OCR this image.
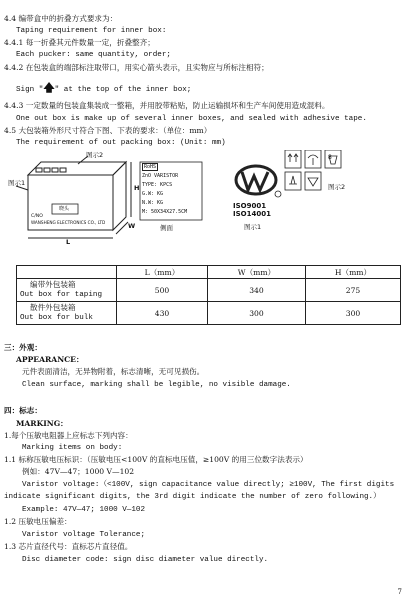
4.4 编带盒中的折叠方式要求为：
Taping requirement for inner box:
4.4.1 每一折叠其元件数量一定，折叠整齐；
Each pucker: same quantity, order;
4.4.2 在包装盒的端部标注取带口，用实心箭头表示，且实物应与所标注相符；
Sign "🡅" at the top of the inner box;
4.4.3 一定数量的包装盒集装成一整箱，并用胶带粘贴，防止运输损坏和生产车间使用造成混料。
One out box is make up of several inner boxes, and sealed with adhesive tape.
4.5 大包装箱外形尺寸符合下图、下表的要求：（单位：mm）
The requirement of out packing box: (Unit: mm)
图示1
图示2
H
W
L
C/NO
WANSHENG ELECTRONICS CO., LTD
晓头
RoHS
ZnO VARISTOR
TYPE: KPCS
G.W: KG
N.W: KG
M: 50X34X27.5CM
侧面
ISO9001
ISO14001
图示1
图示2
8
	L（mm）	W（mm）	H（mm）

编带外包装箱
Out box for taping	500	340	275

散件外包装箱
Out box for bulk	430	300	300
三：外观：
APPEARANCE：
元件表面清洁，无异物附着，标志清晰，无可见损伤。
Clean surface, marking shall be legible, no visible damage.
四：标志：
MARKING：
1.每个压敏电阻器上应标志下列内容：
Marking items on body:
1.1 标称压敏电压标识：（压敏电压<100V 的直标电压值，≥100V 的用三位数字法表示）
例如：47V—47；1000 V—102
Varistor voltage:（<100V, sign capacitance value directly; ≥100V, The first digits
indicate significant digits, the 3rd digit indicate the number of zero following.）
Example: 47V—47; 1000 V—102
1.2 压敏电压偏差：
Varistor voltage Tolerance;
1.3 芯片直径代号：直标芯片直径值。
Disc diameter code: sign disc diameter value directly.
7
